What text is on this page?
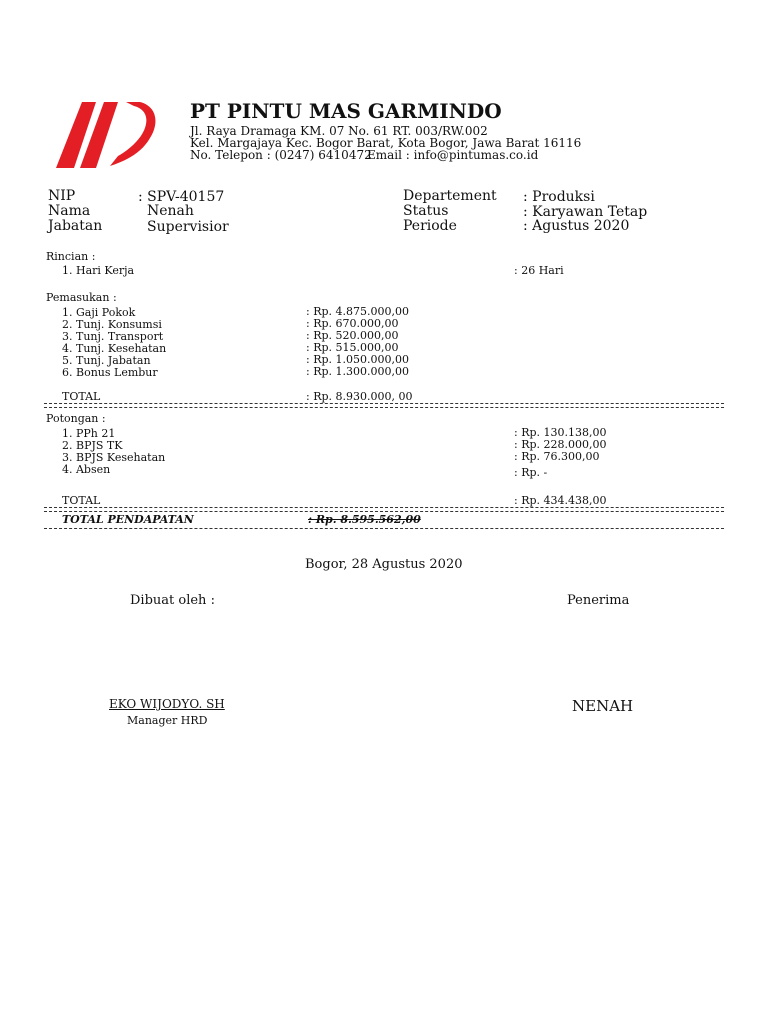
PT PINTU MAS GARMINDO
Jl. Raya Dramaga KM. 07 No. 61 RT. 003/RW.002
Kel. Margajaya Kec. Bogor Barat, Kota Bogor, Jawa Barat 16116
No. Telepon : (0247) 6410472
Email : info@pintumas.co.id
NIP	: SPV-40157
Nama	Nenah
Jabatan	Supervisior
Departement : Produksi
Status	: Karyawan Tetap
Periode	: Agustus 2020
Rincian :
1. Hari Kerja	: 26 Hari
Pemasukan :
1. Gaji Pokok	: Rp. 4.875.000,00
2. Tunj. Konsumsi	: Rp. 670.000,00
3. Tunj. Transport	: Rp. 520.000,00
4. Tunj. Kesehatan	: Rp. 515.000,00
5. Tunj. Jabatan	: Rp. 1.050.000,00
6. Bonus Lembur	: Rp. 1.300.000,00
TOTAL	: Rp. 8.930.000, 00
Potongan :
1. PPh 21	: Rp. 130.138,00
2. BPJS TK	: Rp. 228.000,00
3. BPJS Kesehatan	: Rp. 76.300,00
4. Absen	: Rp. -
TOTAL	: Rp. 434.438,00
TOTAL PENDAPATAN	: Rp. 8.595.562,00
Bogor, 28 Agustus 2020
Dibuat oleh :	Penerima
EKO WIJODYO. SH
Manager HRD
NENAH
